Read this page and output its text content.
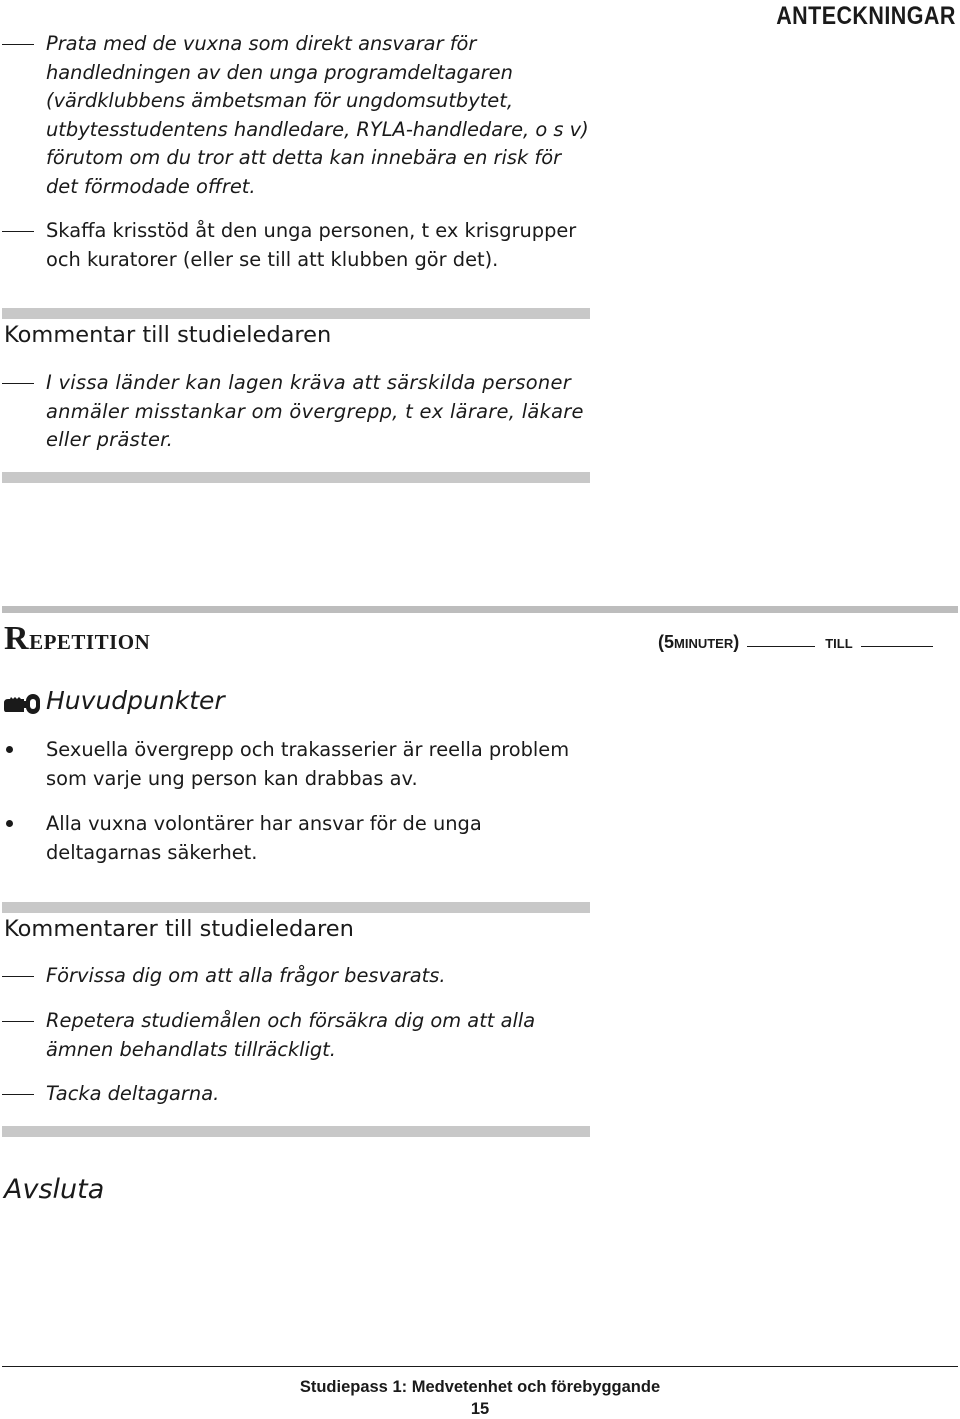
ANTECKNINGAR
Prata med de vuxna som direkt ansvarar för handledningen av den unga programdeltagaren (värdklubbens ämbetsman för ungdomsutbytet, utbytesstudentens handledare, RYLA-handledare, o s v) förutom om du tror att detta kan innebära en risk för det förmodade offret.
Skaffa krisstöd åt den unga personen, t ex krisgrupper och kuratorer (eller se till att klubben gör det).
Kommentar till studieledaren
I vissa länder kan lagen kräva att särskilda personer anmäler misstankar om övergrepp, t ex lärare, läkare eller präster.
Repetition	(5 minuter )	till
Huvudpunkter
Sexuella övergrepp och trakasserier är reella problem som varje ung person kan drabbas av.
Alla vuxna volontärer har ansvar för de unga deltagarnas säkerhet.
Kommentarer till studieledaren
Förvissa dig om att alla frågor besvarats.
Repetera studiemålen och försäkra dig om att alla ämnen behandlats tillräckligt.
Tacka deltagarna.
Avsluta
Studiepass 1: Medvetenhet och förebyggande
15
